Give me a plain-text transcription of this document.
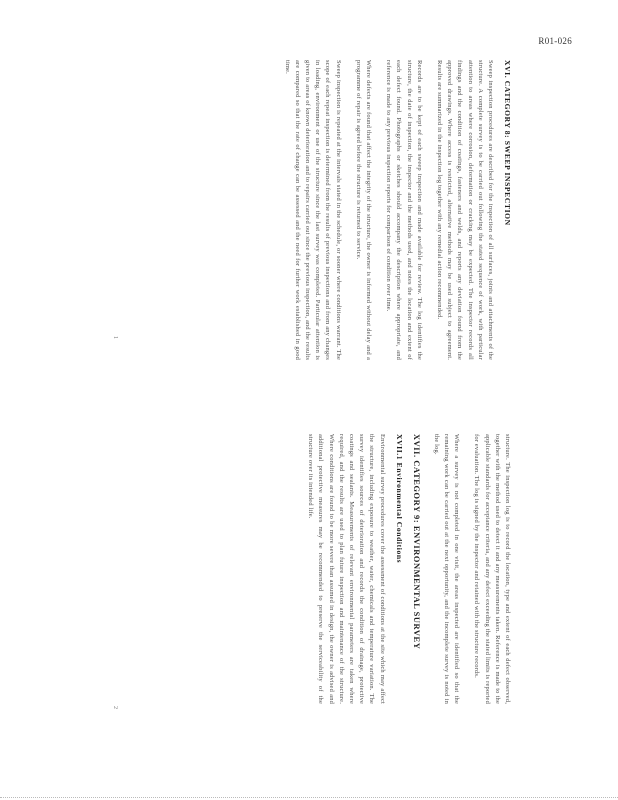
R01-026
1
2
XVI. CATEGORY 8: SWEEP INSPECTION

Sweep inspection procedures are described for the inspection of all surfaces, joints and attachments of the structure. A complete survey is to be carried out following the stated sequence of work, with particular attention to areas where corrosion, deformation or cracking may be expected. The inspector records all findings and the condition of coatings, fasteners and welds, and reports any deviation found from the approved drawings. Where access is restricted, alternative methods may be used subject to agreement. Results are summarized in the inspection log together with any remedial action recommended.

Records are to be kept of each sweep inspection and made available for review. The log identifies the structure, the date of inspection, the inspector and the methods used, and notes the location and extent of each defect found. Photographs or sketches should accompany the description where appropriate, and reference is made to any previous inspection reports for comparison of condition over time.

Where defects are found that affect the integrity of the structure, the owner is informed without delay and a programme of repair is agreed before the structure is returned to service.

Sweep inspection is repeated at the intervals stated in the schedule, or sooner where conditions warrant. The scope of each repeat inspection is determined from the results of previous inspections and from any changes in loading, environment or use of the structure since the last survey was completed. Particular attention is given to areas of known deterioration and to repairs carried out since the previous inspection, and the results are compared so that the rate of change can be assessed and the need for further work established in good time.

structure. The inspection log is to record the location, type and extent of each defect observed, together with the method used to detect it and any measurements taken. Reference is made to the applicable standards for acceptance criteria, and any defect exceeding the stated limits is reported for evaluation. The log is signed by the inspector and retained with the structure records.

Where a survey is not completed in one visit, the areas inspected are identified so that the remaining work can be carried out at the next opportunity, and the incomplete survey is noted in the log.

XVII. CATEGORY 9: ENVIRONMENTAL SURVEY
XVII.1 Environmental Conditions

Environmental survey procedures cover the assessment of conditions at the site which may affect the structure, including exposure to weather, water, chemicals and temperature variation. The survey identifies sources of deterioration and records the condition of drainage, protective coatings and sealants. Measurements of relevant environmental parameters are taken where required, and the results are used to plan future inspection and maintenance of the structure. Where conditions are found to be more severe than assumed in design, the owner is advised and additional protective measures may be recommended to preserve the serviceability of the structure over its intended life.
